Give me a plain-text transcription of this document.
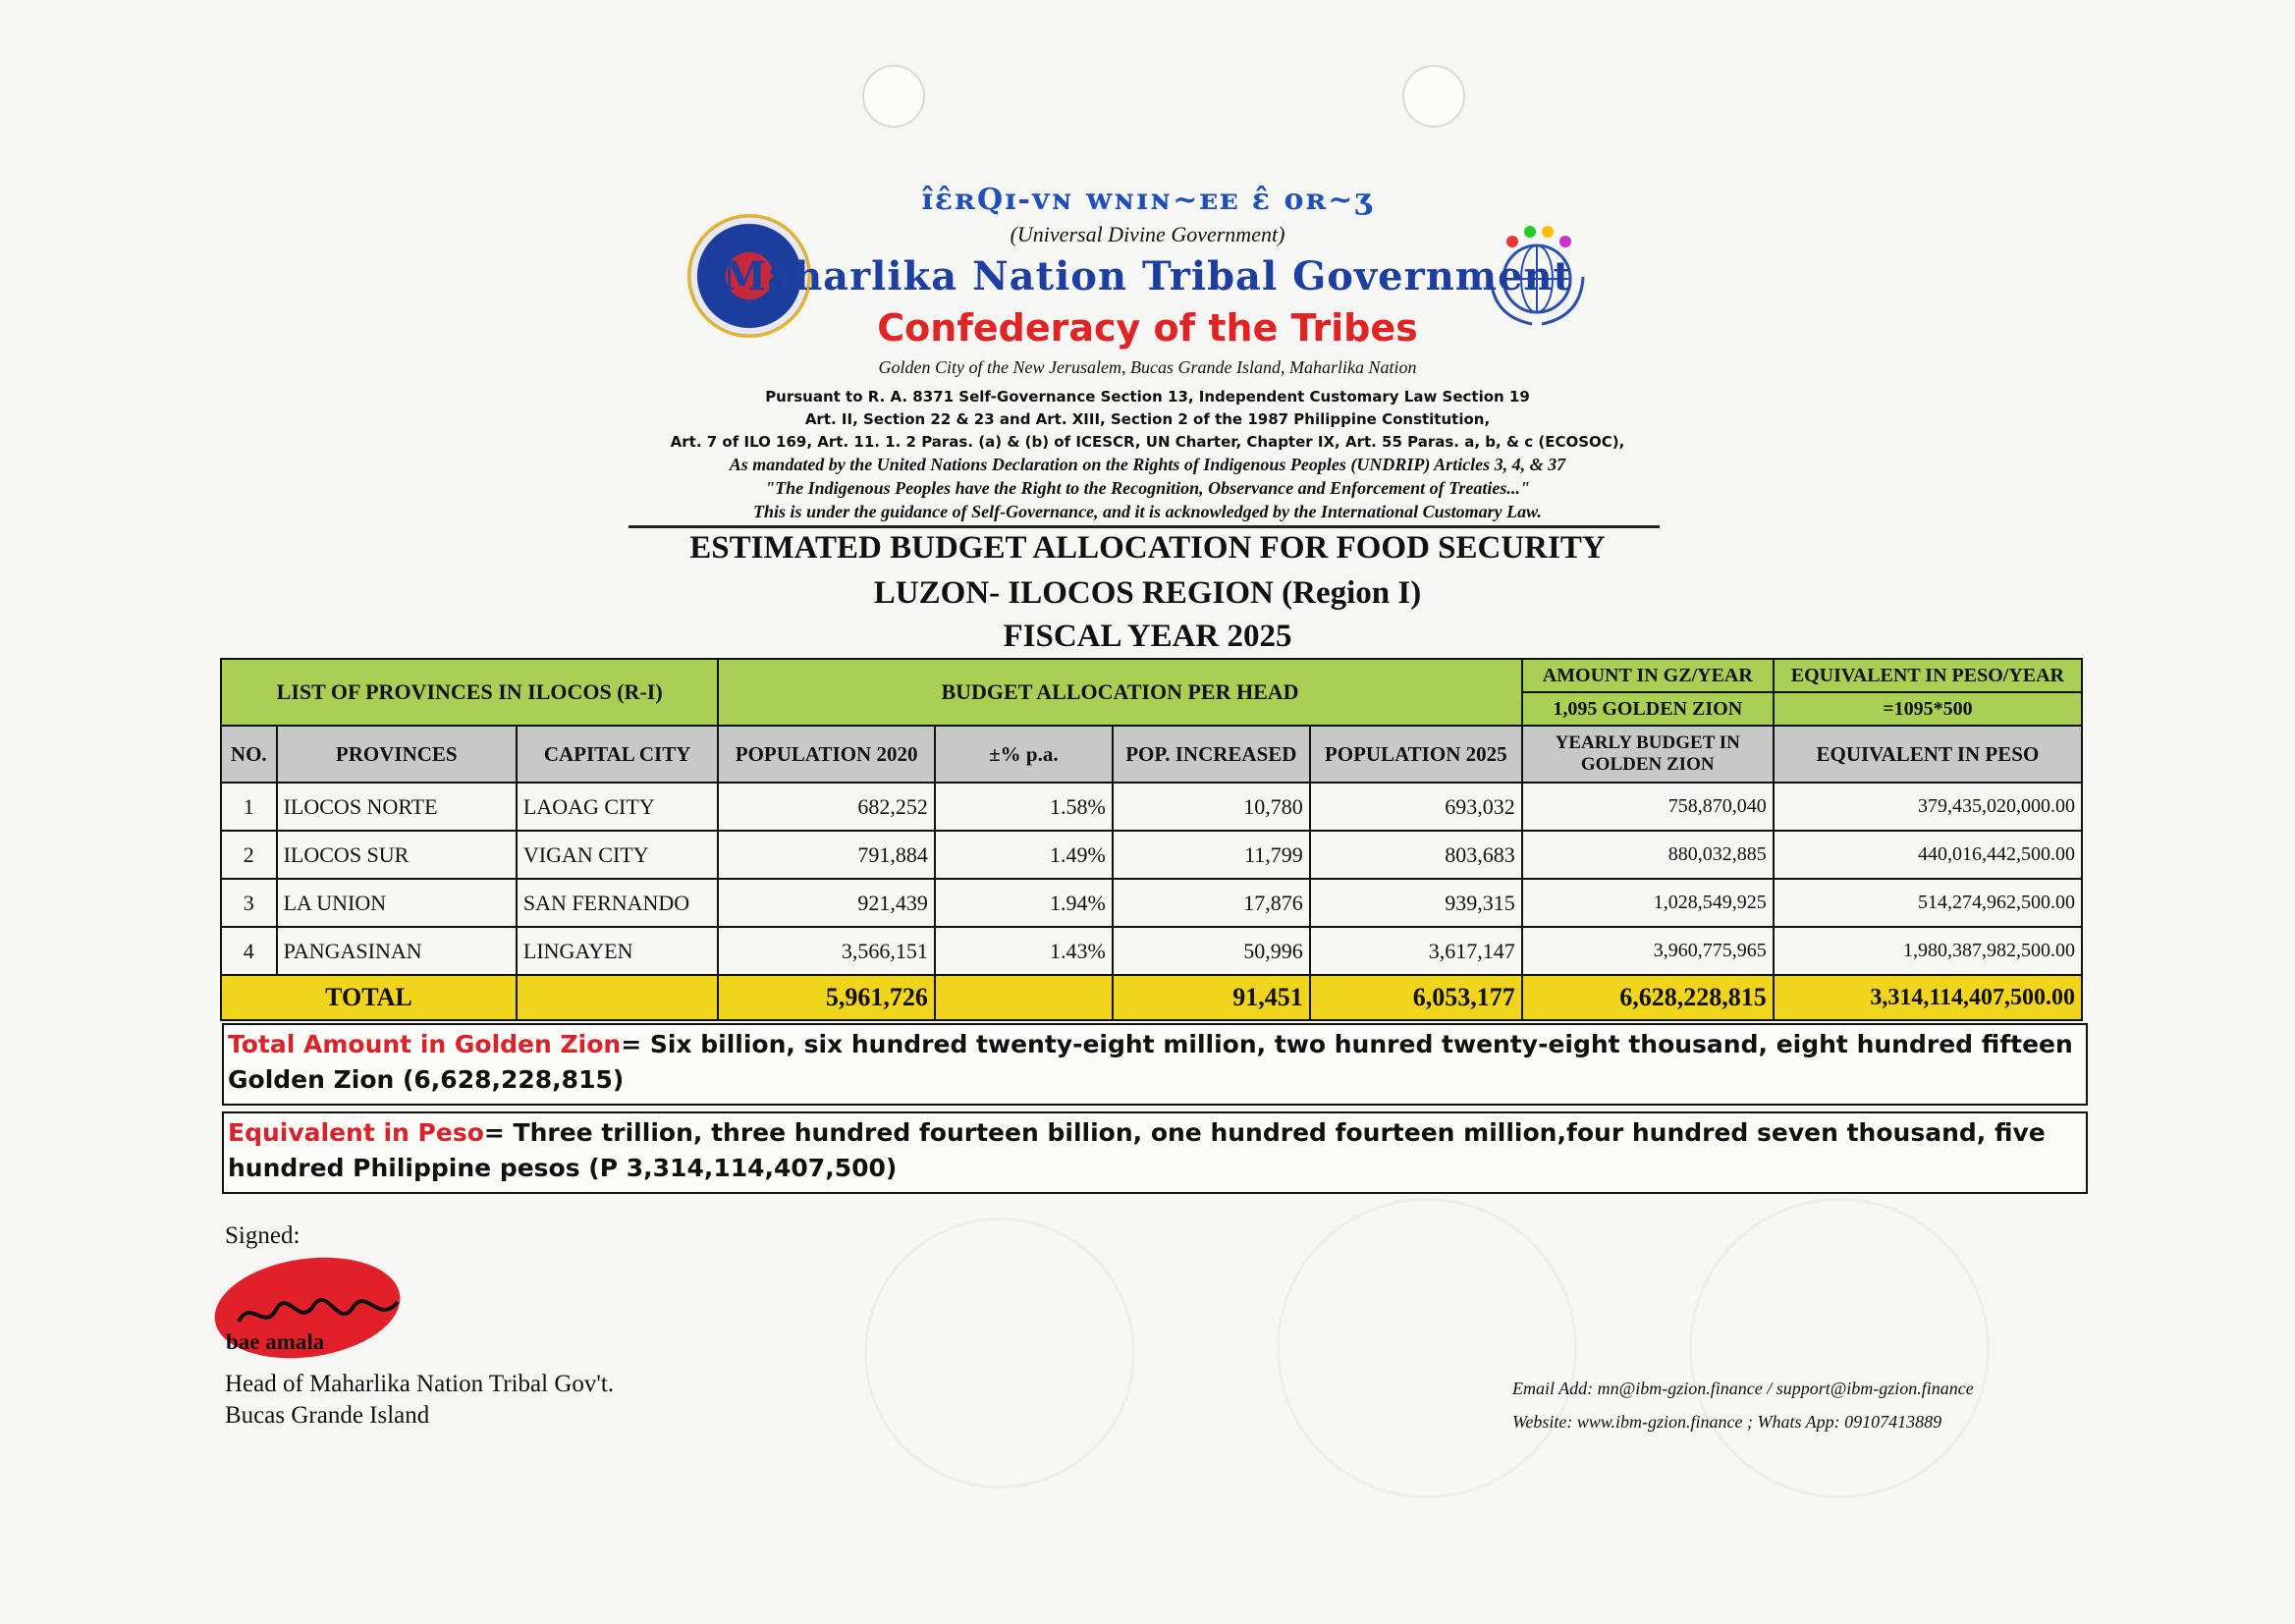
ɪ̂ɛ̂ʀQɪ-ᴠɴ ᴡɴɪɴ~ᴇᴇ ɛ̂ ᴏʀ~ʒ
(Universal Divine Government)
Maharlika Nation Tribal Government
Confederacy of the Tribes
Golden City of the New Jerusalem, Bucas Grande Island, Maharlika Nation
Pursuant to R. A. 8371 Self-Governance Section 13, Independent Customary Law Section 19
Art. II, Section 22 & 23 and Art. XIII, Section 2 of the 1987 Philippine Constitution,
Art. 7 of ILO 169, Art. 11. 1. 2 Paras. (a) & (b) of ICESCR, UN Charter, Chapter IX, Art. 55 Paras. a, b, & c (ECOSOC),
As mandated by the United Nations Declaration on the Rights of Indigenous Peoples (UNDRIP) Articles 3, 4, & 37
"The Indigenous Peoples have the Right to the Recognition, Observance and Enforcement of Treaties..."
This is under the guidance of Self-Governance, and it is acknowledged by the International Customary Law.
ESTIMATED BUDGET ALLOCATION FOR FOOD SECURITY
LUZON- ILOCOS REGION (Region I)
FISCAL YEAR 2025
LIST OF PROVINCES IN ILOCOS (R-I)			BUDGET ALLOCATION PER HEAD				AMOUNT IN GZ/YEAR	EQUIVALENT IN PESO/YEAR
							1,095 GOLDEN ZION	=1095*500
NO.	PROVINCES	CAPITAL CITY	POPULATION 2020	±% p.a.	POP. INCREASED	POPULATION 2025	YEARLY BUDGET IN GOLDEN ZION	EQUIVALENT IN PESO
1	ILOCOS NORTE	LAOAG CITY	682,252	1.58%	10,780	693,032	758,870,040	379,435,020,000.00
2	ILOCOS SUR	VIGAN CITY	791,884	1.49%	11,799	803,683	880,032,885	440,016,442,500.00
3	LA UNION	SAN FERNANDO	921,439	1.94%	17,876	939,315	1,028,549,925	514,274,962,500.00
4	PANGASINAN	LINGAYEN	3,566,151	1.43%	50,996	3,617,147	3,960,775,965	1,980,387,982,500.00
TOTAL			5,961,726		91,451	6,053,177	6,628,228,815	3,314,114,407,500.00
Total Amount in Golden Zion= Six billion, six hundred twenty-eight million, two hunred twenty-eight thousand, eight hundred fifteen Golden Zion (6,628,228,815)
Equivalent in Peso= Three trillion, three hundred fourteen billion, one hundred fourteen million,four hundred seven thousand, five hundred Philippine pesos (P 3,314,114,407,500)
Signed:
bae amala
Head of Maharlika Nation Tribal Gov't.
Bucas Grande Island
Email Add: mn@ibm-gzion.finance / support@ibm-gzion.finance
Website: www.ibm-gzion.finance ; Whats App: 09107413889
